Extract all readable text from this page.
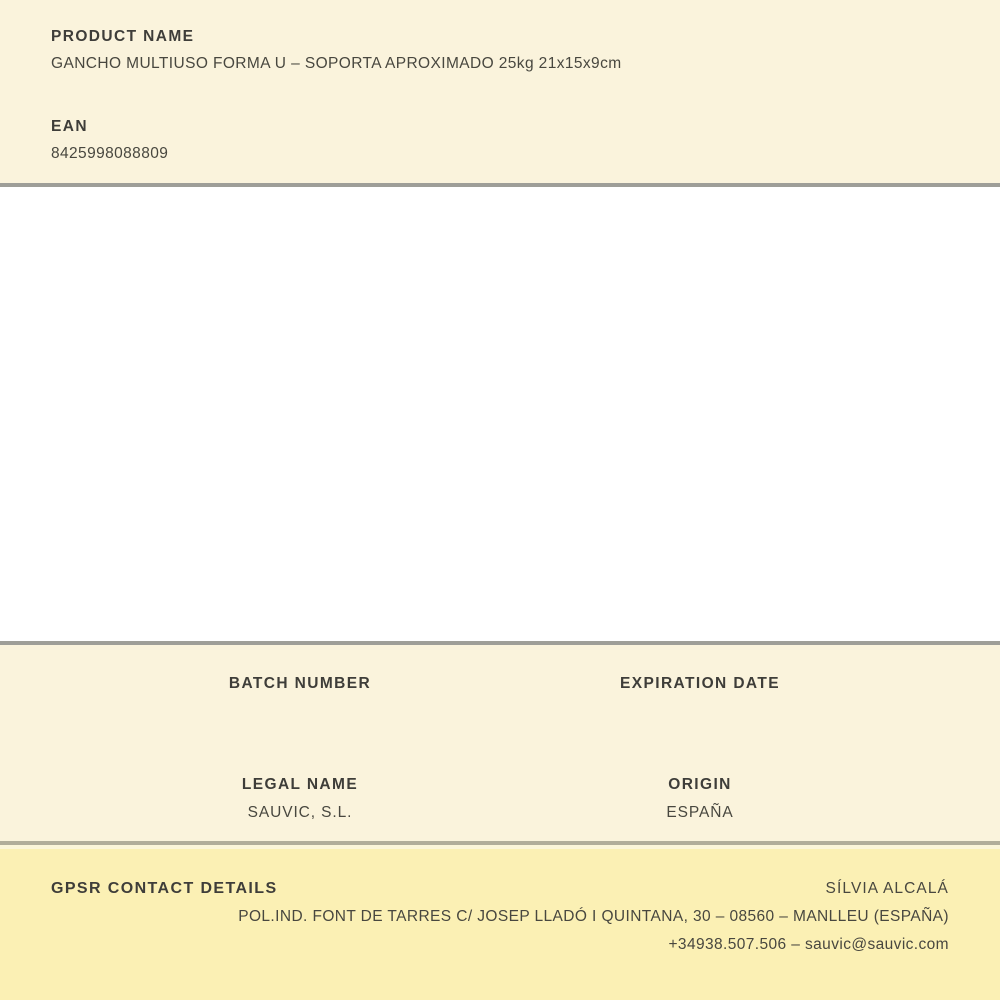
PRODUCT NAME
GANCHO MULTIUSO FORMA U – SOPORTA APROXIMADO 25kg 21x15x9cm
EAN
8425998088809
BATCH NUMBER	EXPIRATION DATE
LEGAL NAME
SAUVIC, S.L.
ORIGIN
ESPAÑA
GPSR CONTACT DETAILS	SÍLVIA ALCALÁ
POL.IND. FONT DE TARRES C/ JOSEP LLADÓ I QUINTANA, 30 – 08560 – MANLLEU (ESPAÑA)
+34938.507.506 – sauvic@sauvic.com
